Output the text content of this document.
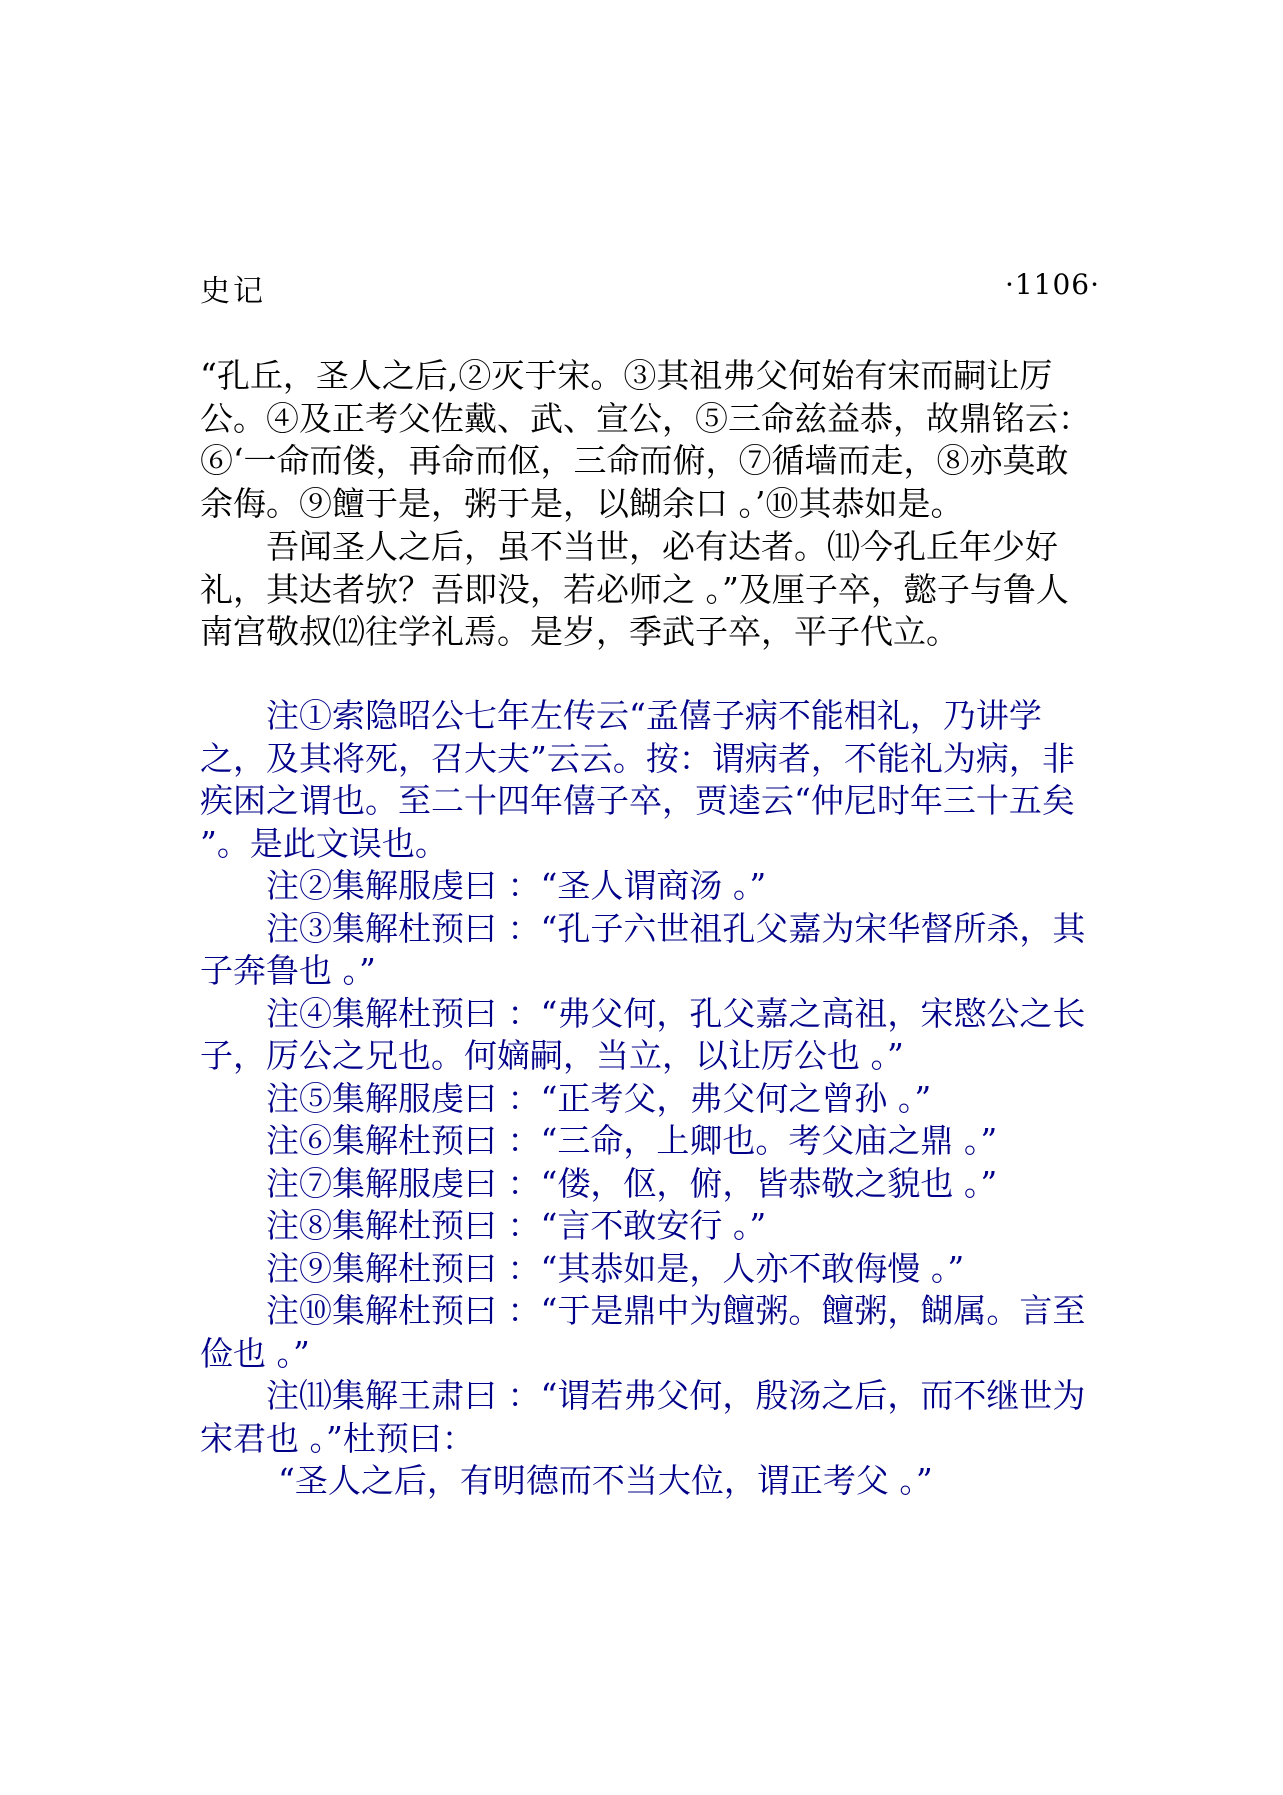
史记	·1106·

“孔丘，圣人之后,②灭于宋。③其祖弗父何始有宋而嗣让厉公。④及正考父佐戴、武、宣公，⑤三命兹益恭，故鼎铭云：⑥‘一命而偻，再命而伛，三命而俯，⑦循墙而走，⑧亦莫敢余侮。⑨饘于是，粥于是，以餬余口 。’⑩其恭如是。

吾闻圣人之后，虽不当世，必有达者。⑾今孔丘年少好礼，其达者欤？吾即没，若必师之 。”及厘子卒，懿子与鲁人南宫敬叔⑿往学礼焉。是岁，季武子卒，平子代立。

注①索隐昭公七年左传云“孟僖子病不能相礼，乃讲学之，及其将死，召大夫”云云。按：谓病者，不能礼为病，非疾困之谓也。至二十四年僖子卒，贾逵云“仲尼时年三十五矣 ”。是此文误也。

注②集解服虔曰 ：“圣人谓商汤 。”

注③集解杜预曰 ：“孔子六世祖孔父嘉为宋华督所杀，其子奔鲁也 。”

注④集解杜预曰 ：“弗父何，孔父嘉之高祖，宋愍公之长子，厉公之兄也。何嫡嗣，当立，以让厉公也 。”

注⑤集解服虔曰 ：“正考父，弗父何之曾孙 。”

注⑥集解杜预曰 ：“三命，上卿也。考父庙之鼎 。”

注⑦集解服虔曰 ：“偻，伛，俯，皆恭敬之貌也 。”

注⑧集解杜预曰 ：“言不敢安行 。”

注⑨集解杜预曰 ：“其恭如是，人亦不敢侮慢 。”

注⑩集解杜预曰 ：“于是鼎中为饘粥。饘粥，餬属。言至俭也 。”

注⑾集解王肃曰 ：“谓若弗父何，殷汤之后，而不继世为宋君也 。”杜预曰：

“圣人之后，有明德而不当大位，谓正考父 。”
